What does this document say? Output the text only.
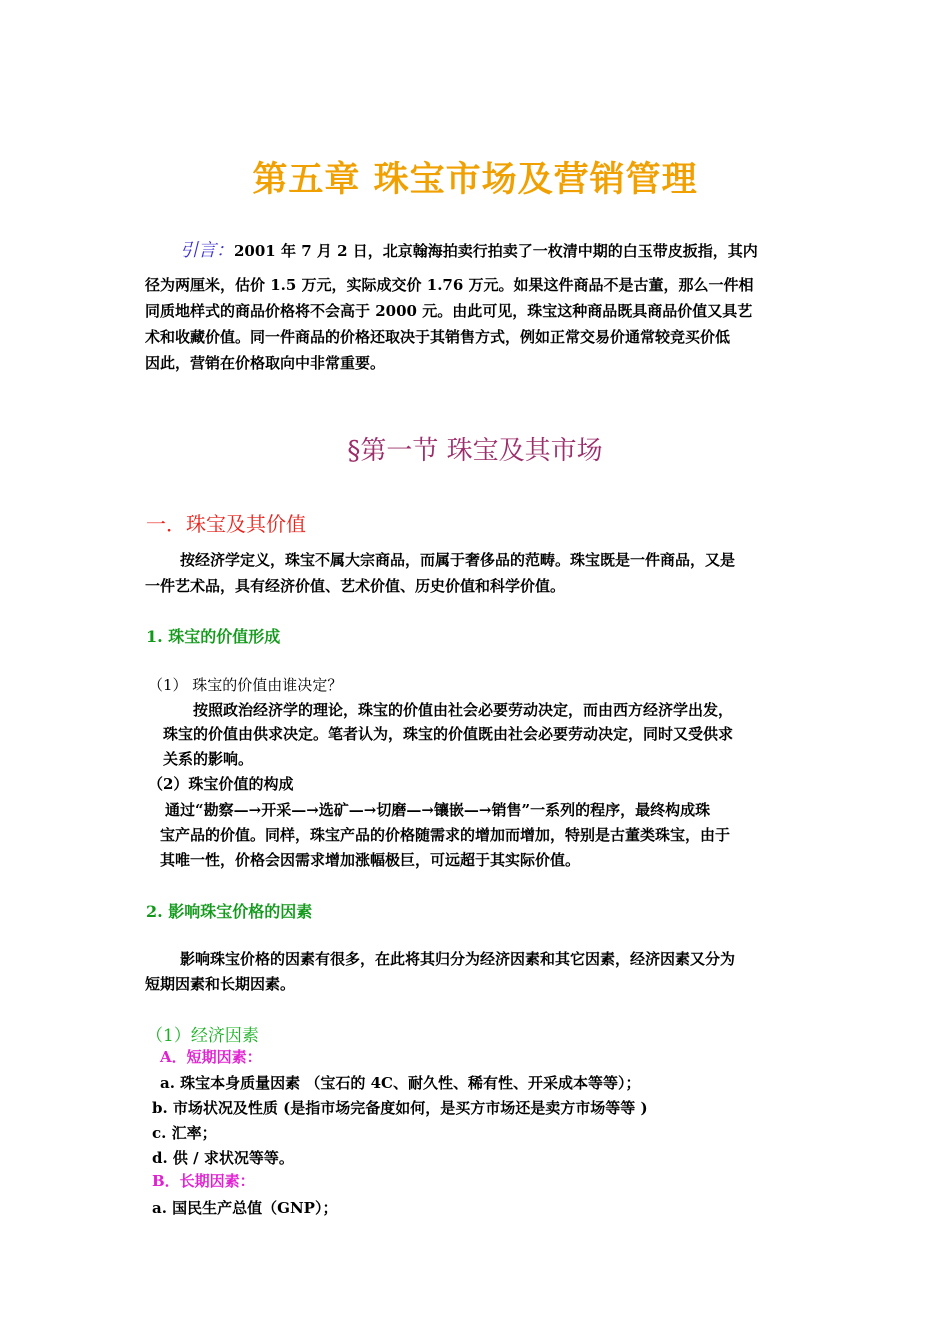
第五章 珠宝市场及营销管理
引言：2001 年 7 月 2 日，北京翰海拍卖行拍卖了一枚清中期的白玉带皮扳指，其内
径为两厘米，估价 1.5 万元，实际成交价 1.76 万元。如果这件商品不是古董，那么一件相
同质地样式的商品价格将不会高于 2000 元。由此可见，珠宝这种商品既具商品价值又具艺
术和收藏价值。同一件商品的价格还取决于其销售方式，例如正常交易价通常较竞买价低
因此，营销在价格取向中非常重要。
§第一节 珠宝及其市场
一．珠宝及其价值
按经济学定义，珠宝不属大宗商品，而属于奢侈品的范畴。珠宝既是一件商品，又是
一件艺术品，具有经济价值、艺术价值、历史价值和科学价值。
1. 珠宝的价值形成
（1） 珠宝的价值由谁决定？
按照政治经济学的理论，珠宝的价值由社会必要劳动决定，而由西方经济学出发，
珠宝的价值由供求决定。笔者认为，珠宝的价值既由社会必要劳动决定，同时又受供求
关系的影响。
（2）珠宝价值的构成
通过“勘察—→开采—→选矿—→切磨—→镶嵌—→销售”一系列的程序，最终构成珠
宝产品的价值。同样，珠宝产品的价格随需求的增加而增加，特别是古董类珠宝，由于
其唯一性，价格会因需求增加涨幅极巨，可远超于其实际价值。
2. 影响珠宝价格的因素
影响珠宝价格的因素有很多，在此将其归分为经济因素和其它因素，经济因素又分为
短期因素和长期因素。
（1）经济因素
A．短期因素：
a. 珠宝本身质量因素 （宝石的 4C、耐久性、稀有性、开采成本等等）；
b. 市场状况及性质 (是指市场完备度如何，是买方市场还是卖方市场等等 )
c. 汇率；
d. 供 / 求状况等等。
B．长期因素：
a. 国民生产总值（GNP）；
